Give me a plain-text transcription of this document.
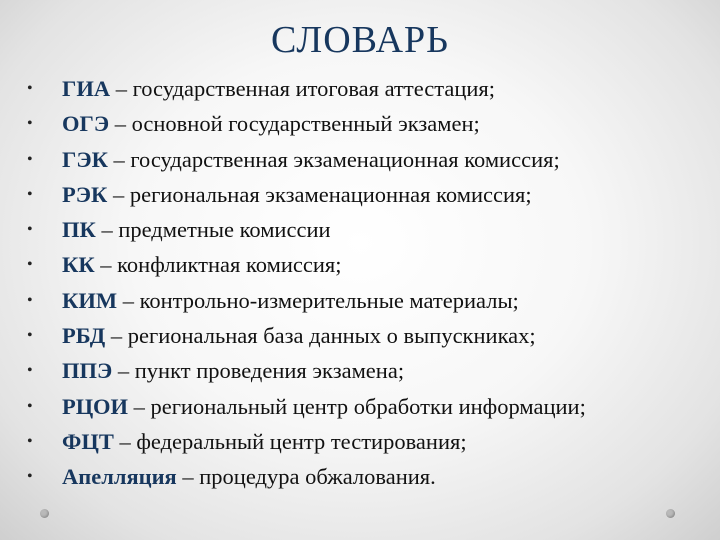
СЛОВАРЬ
• ГИА – государственная итоговая аттестация;
• ОГЭ – основной государственный экзамен;
• ГЭК – государственная экзаменационная комиссия;
• РЭК – региональная экзаменационная комиссия;
• ПК – предметные комиссии
• КК – конфликтная комиссия;
• КИМ – контрольно-измерительные материалы;
• РБД – региональная база данных о выпускниках;
• ППЭ – пункт проведения экзамена;
• РЦОИ – региональный центр обработки информации;
• ФЦТ – федеральный центр тестирования;
• Апелляция – процедура обжалования.
